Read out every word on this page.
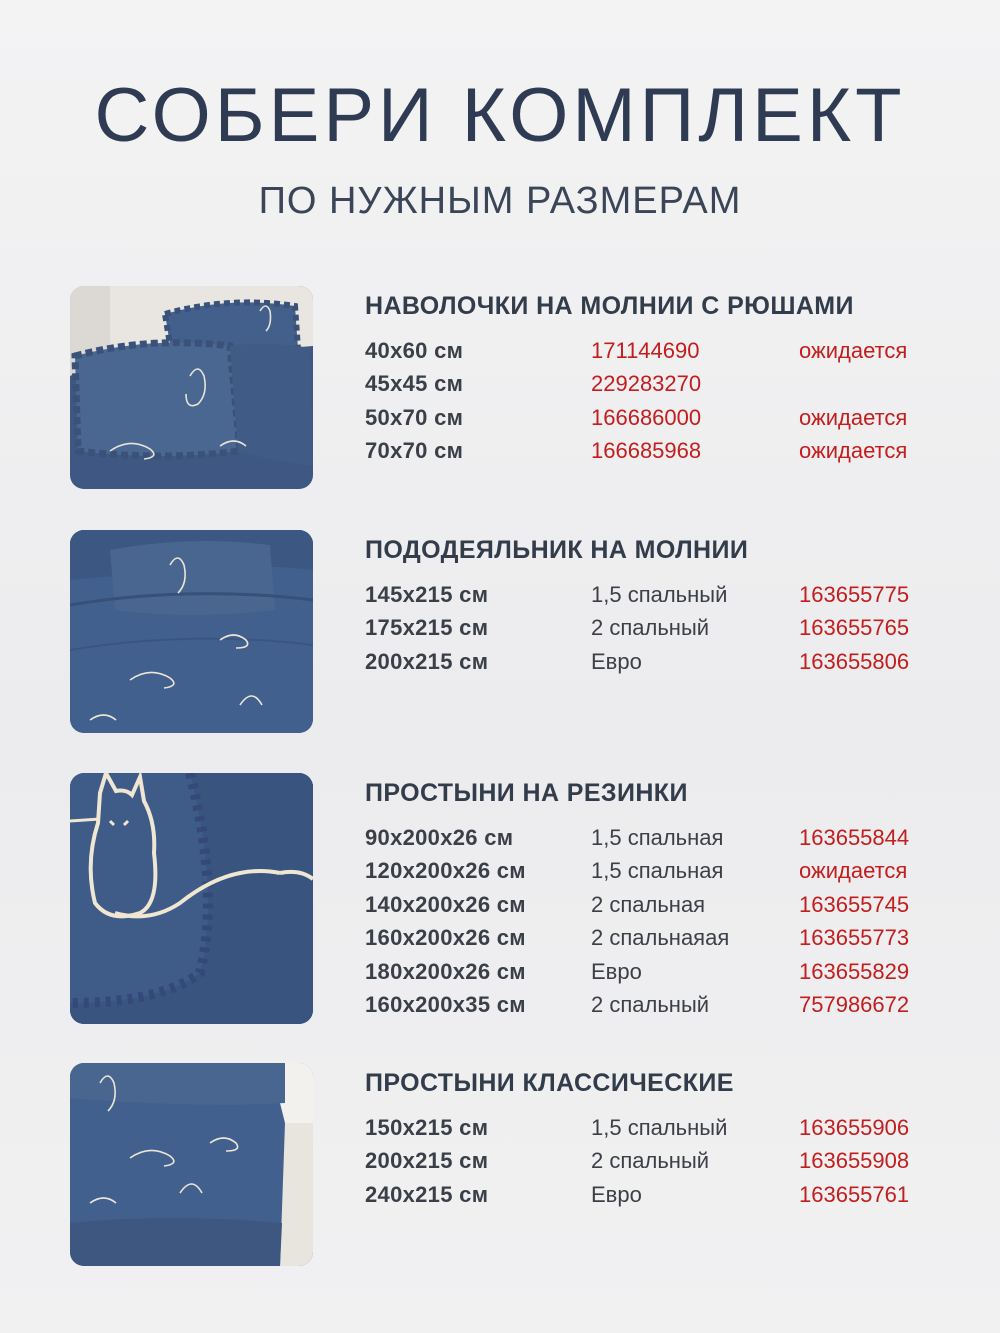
СОБЕРИ КОМПЛЕКТ
ПО НУЖНЫМ РАЗМЕРАМ
НАВОЛОЧКИ НА МОЛНИИ С РЮШАМИ
40x60 см	171144690	ожидается
45x45 см	229283270
50x70 см	166686000	ожидается
70x70 см	166685968	ожидается
ПОДОДЕЯЛЬНИК НА МОЛНИИ
145x215 см	1,5 спальный	163655775
175x215 см	2 спальный	163655765
200x215 см	Евро	163655806
ПРОСТЫНИ НА РЕЗИНКИ
90x200x26 см	1,5 спальная	163655844
120x200x26 см	1,5 спальная	ожидается
140x200x26 см	2 спальная	163655745
160x200x26 см	2 спальнаяая	163655773
180x200x26 см	Евро	163655829
160x200x35 см	2 спальный	757986672
ПРОСТЫНИ КЛАССИЧЕСКИЕ
150x215 см	1,5 спальный	163655906
200x215 см	2 спальный	163655908
240x215 см	Евро	163655761
